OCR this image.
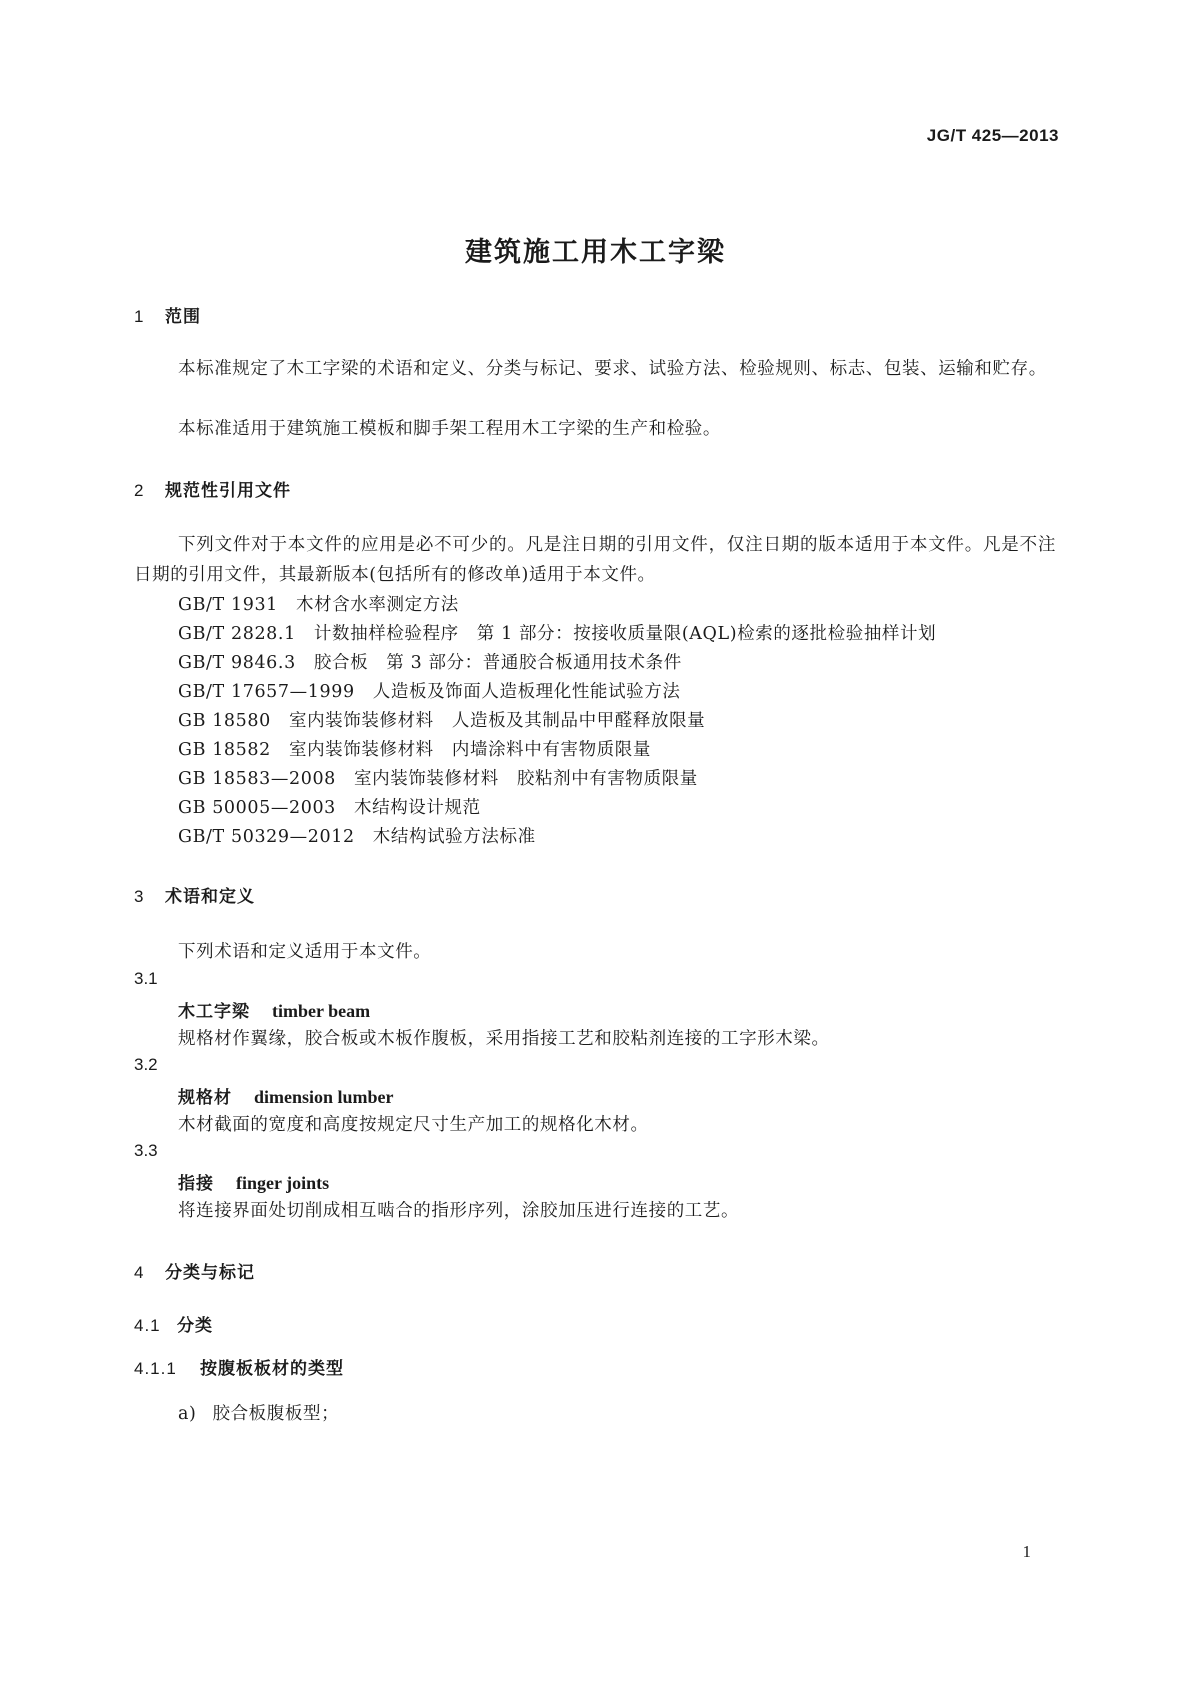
JG/T 425—2013
建筑施工用木工字梁
1 范围
本标准规定了木工字梁的术语和定义、分类与标记、要求、试验方法、检验规则、标志、包装、运输和贮存。
本标准适用于建筑施工模板和脚手架工程用木工字梁的生产和检验。
2 规范性引用文件
下列文件对于本文件的应用是必不可少的。凡是注日期的引用文件，仅注日期的版本适用于本文件。凡是不注日期的引用文件，其最新版本(包括所有的修改单)适用于本文件。
GB/T 1931　木材含水率测定方法
GB/T 2828.1　计数抽样检验程序　第 1 部分：按接收质量限(AQL)检索的逐批检验抽样计划
GB/T 9846.3　胶合板　第 3 部分：普通胶合板通用技术条件
GB/T 17657—1999　人造板及饰面人造板理化性能试验方法
GB 18580　室内装饰装修材料　人造板及其制品中甲醛释放限量
GB 18582　室内装饰装修材料　内墙涂料中有害物质限量
GB 18583—2008　室内装饰装修材料　胶粘剂中有害物质限量
GB 50005—2003　木结构设计规范
GB/T 50329—2012　木结构试验方法标准
3 术语和定义
下列术语和定义适用于本文件。
3.1
木工字梁 timber beam
规格材作翼缘，胶合板或木板作腹板，采用指接工艺和胶粘剂连接的工字形木梁。
3.2
规格材 dimension lumber
木材截面的宽度和高度按规定尺寸生产加工的规格化木材。
3.3
指接 finger joints
将连接界面处切削成相互啮合的指形序列，涂胶加压进行连接的工艺。
4 分类与标记
4.1 分类
4.1.1 按腹板板材的类型
a) 胶合板腹板型；
1
